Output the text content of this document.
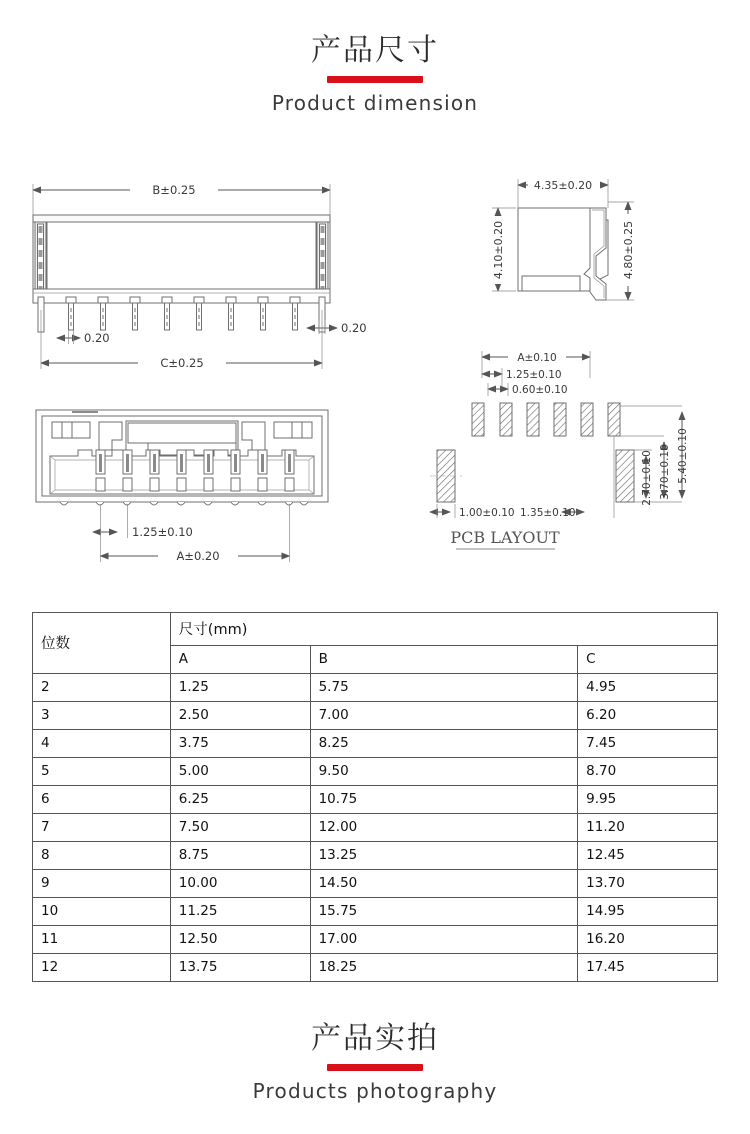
产品尺寸
Product dimension
B±0.25
0.20
0.20
C±0.25
4.35±0.20
4.10±0.20	4.80±0.25
1.25±0.10
A±0.20
A±0.10
1.25±0.10
0.60±0.10
1.00±0.10 1.35±0.10
2.70±0.10 3.70±0.10 5.40±0.10
PCB LAYOUT
位数	尺寸(mm)		
	A	B	C
2	1.25	5.75	4.95
3	2.50	7.00	6.20
4	3.75	8.25	7.45
5	5.00	9.50	8.70
6	6.25	10.75	9.95
7	7.50	12.00	11.20
8	8.75	13.25	12.45
9	10.00	14.50	13.70
10	11.25	15.75	14.95
11	12.50	17.00	16.20
12	13.75	18.25	17.45
产品实拍
Products photography
